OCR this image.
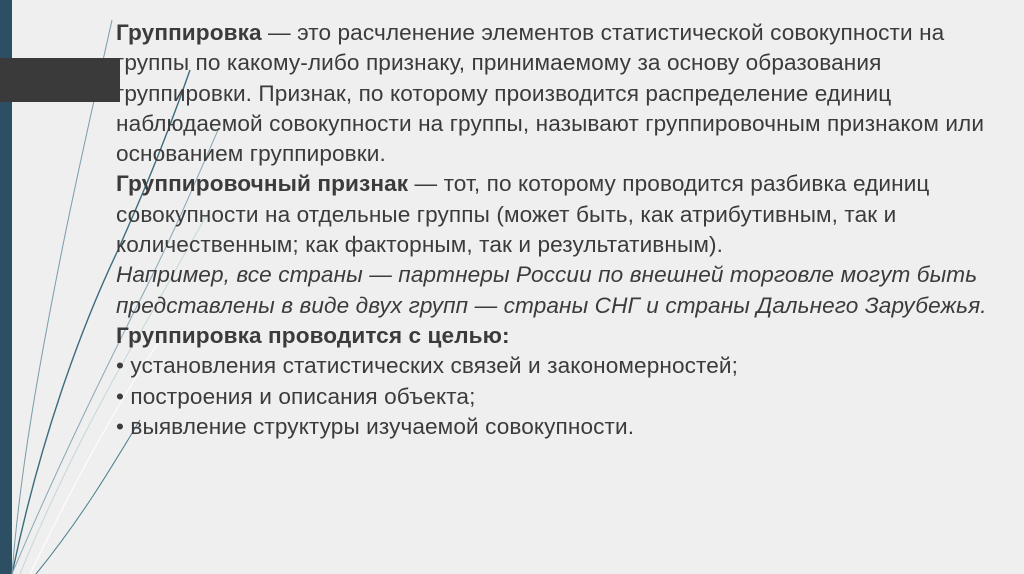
Группировка — это расчленение элементов статистической совокупности на группы по какому-либо признаку, принимаемому за основу образования группировки. Признак, по которому производится распределение единиц наблюдаемой совокупности на группы, называют группировочным признаком или основанием группировки.

Группировочный признак — тот, по которому проводится разбивка единиц совокупности на отдельные группы (может быть, как атрибутивным, так и количественным; как факторным, так и результативным).

Например, все страны — партнеры России по внешней торговле могут быть представлены в виде двух групп — страны СНГ и страны Дальнего Зарубежья.

Группировка проводится с целью:

• установления статистических связей и закономерностей;
• построения и описания объекта;
• выявление структуры изучаемой совокупности.
